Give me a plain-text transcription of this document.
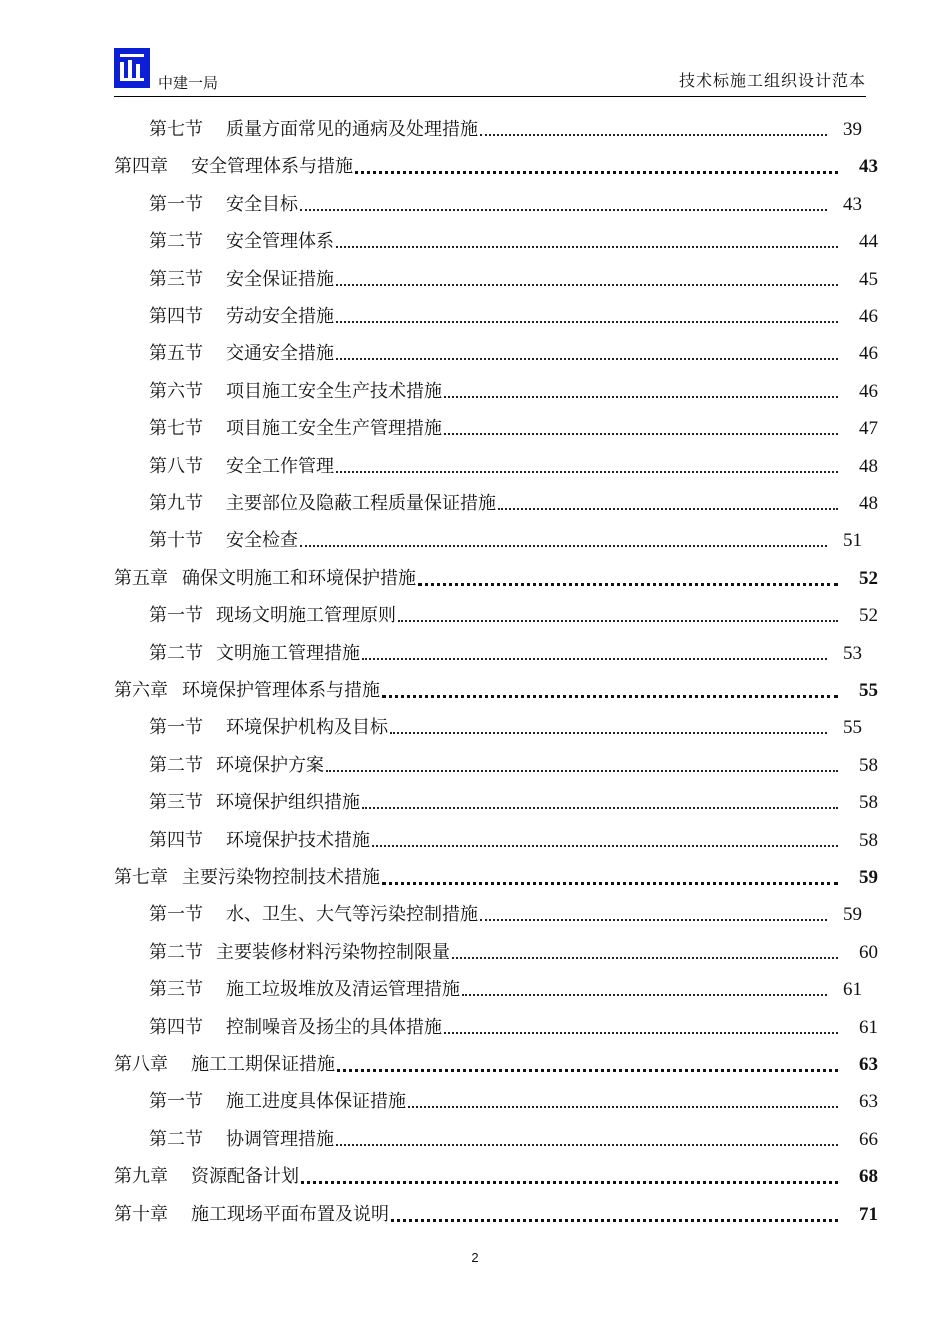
中建一局	技术标施工组织设计范本
第七节 质量方面常见的通病及处理措施	39
第四章 安全管理体系与措施	43
第一节 安全目标	43
第二节 安全管理体系	44
第三节 安全保证措施	45
第四节 劳动安全措施	46
第五节 交通安全措施	46
第六节 项目施工安全生产技术措施	46
第七节 项目施工安全生产管理措施	47
第八节 安全工作管理	48
第九节 主要部位及隐蔽工程质量保证措施	48
第十节 安全检查	51
第五章 确保文明施工和环境保护措施	52
第一节 现场文明施工管理原则	52
第二节 文明施工管理措施	53
第六章 环境保护管理体系与措施	55
第一节 环境保护机构及目标	55
第二节 环境保护方案	58
第三节 环境保护组织措施	58
第四节 环境保护技术措施	58
第七章 主要污染物控制技术措施	59
第一节 水、卫生、大气等污染控制措施	59
第二节 主要装修材料污染物控制限量	60
第三节 施工垃圾堆放及清运管理措施	61
第四节 控制噪音及扬尘的具体措施	61
第八章 施工工期保证措施	63
第一节 施工进度具体保证措施	63
第二节 协调管理措施	66
第九章 资源配备计划	68
第十章 施工现场平面布置及说明	71
2
